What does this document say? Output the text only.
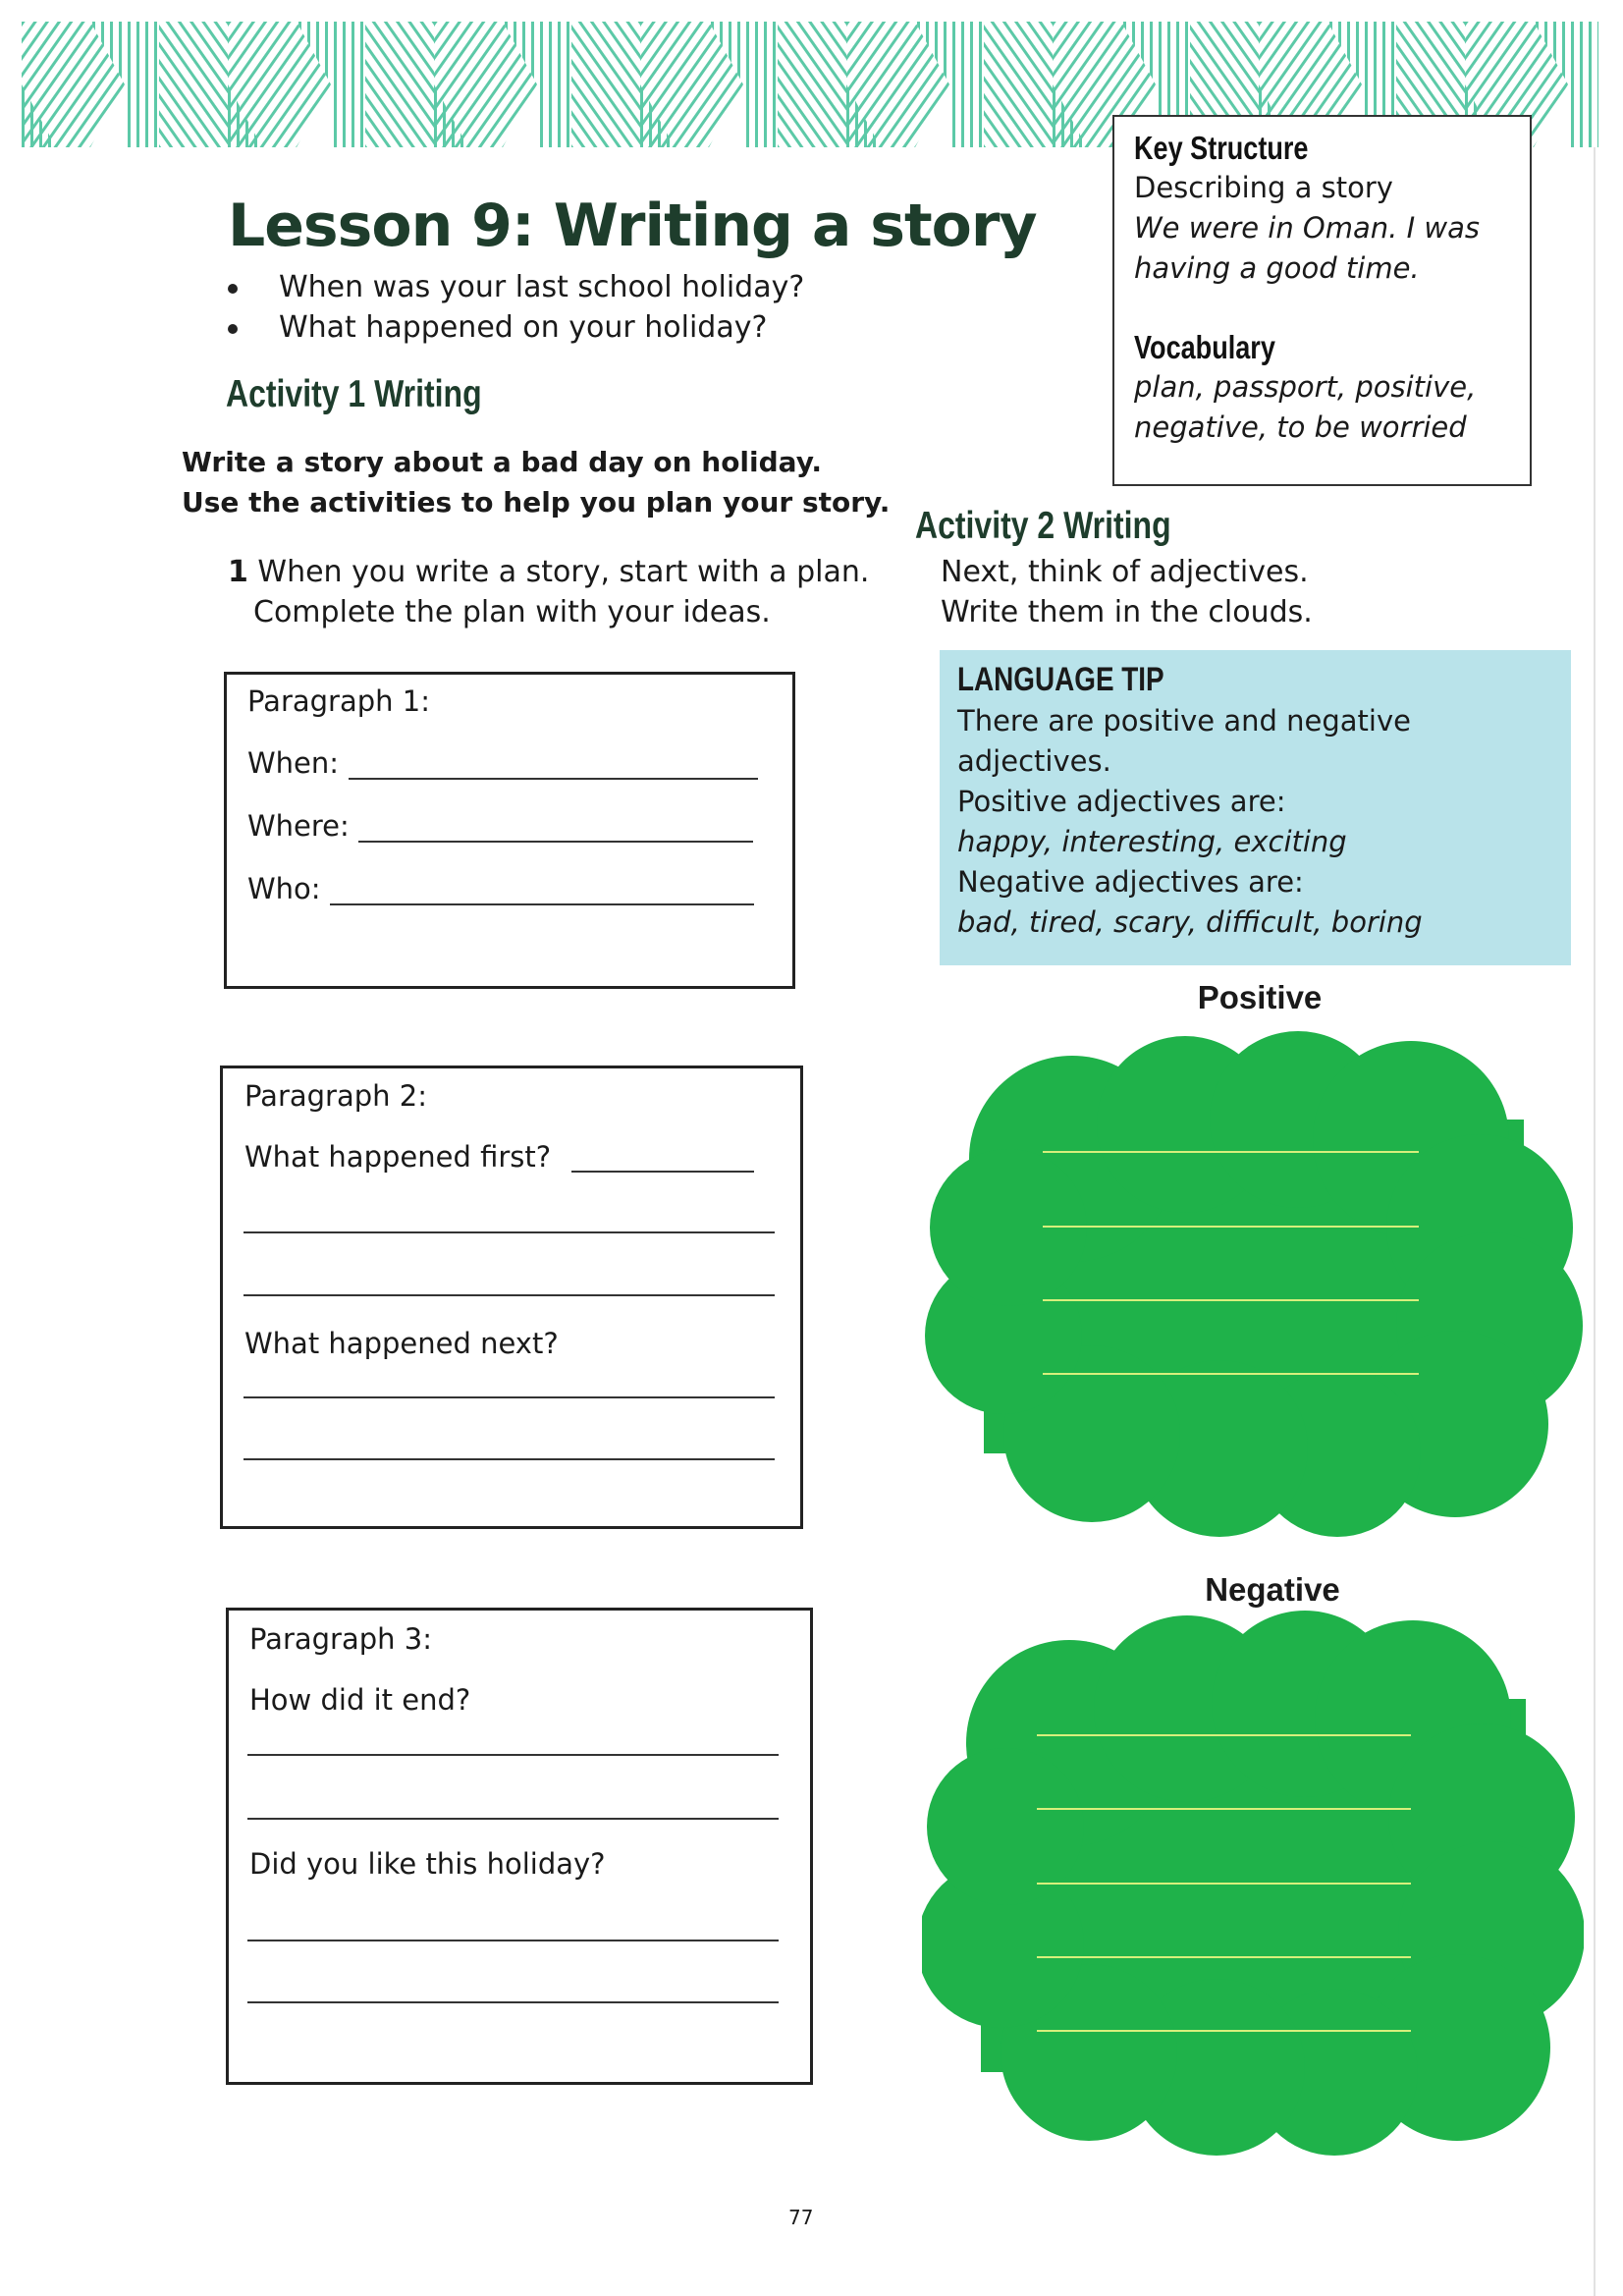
Key Structure
Describing a story
We were in Oman. I was
having a good time.
Vocabulary
plan, passport, positive,
negative, to be worried
Lesson 9: Writing a story
When was your last school holiday?
What happened on your holiday?
Activity 1 Writing
Write a story about a bad day on holiday.
Use the activities to help you plan your story.
1 When you write a story, start with a plan.
Complete the plan with your ideas.
Paragraph 1:
When:
Where:
Who:
Paragraph 2:
What happened first?
What happened next?
Paragraph 3:
How did it end?
Did you like this holiday?
Activity 2 Writing
Next, think of adjectives.
Write them in the clouds.
LANGUAGE TIP
There are positive and negative
adjectives.
Positive adjectives are:
happy, interesting, exciting
Negative adjectives are:
bad, tired, scary, difficult, boring
Positive
Negative
77
